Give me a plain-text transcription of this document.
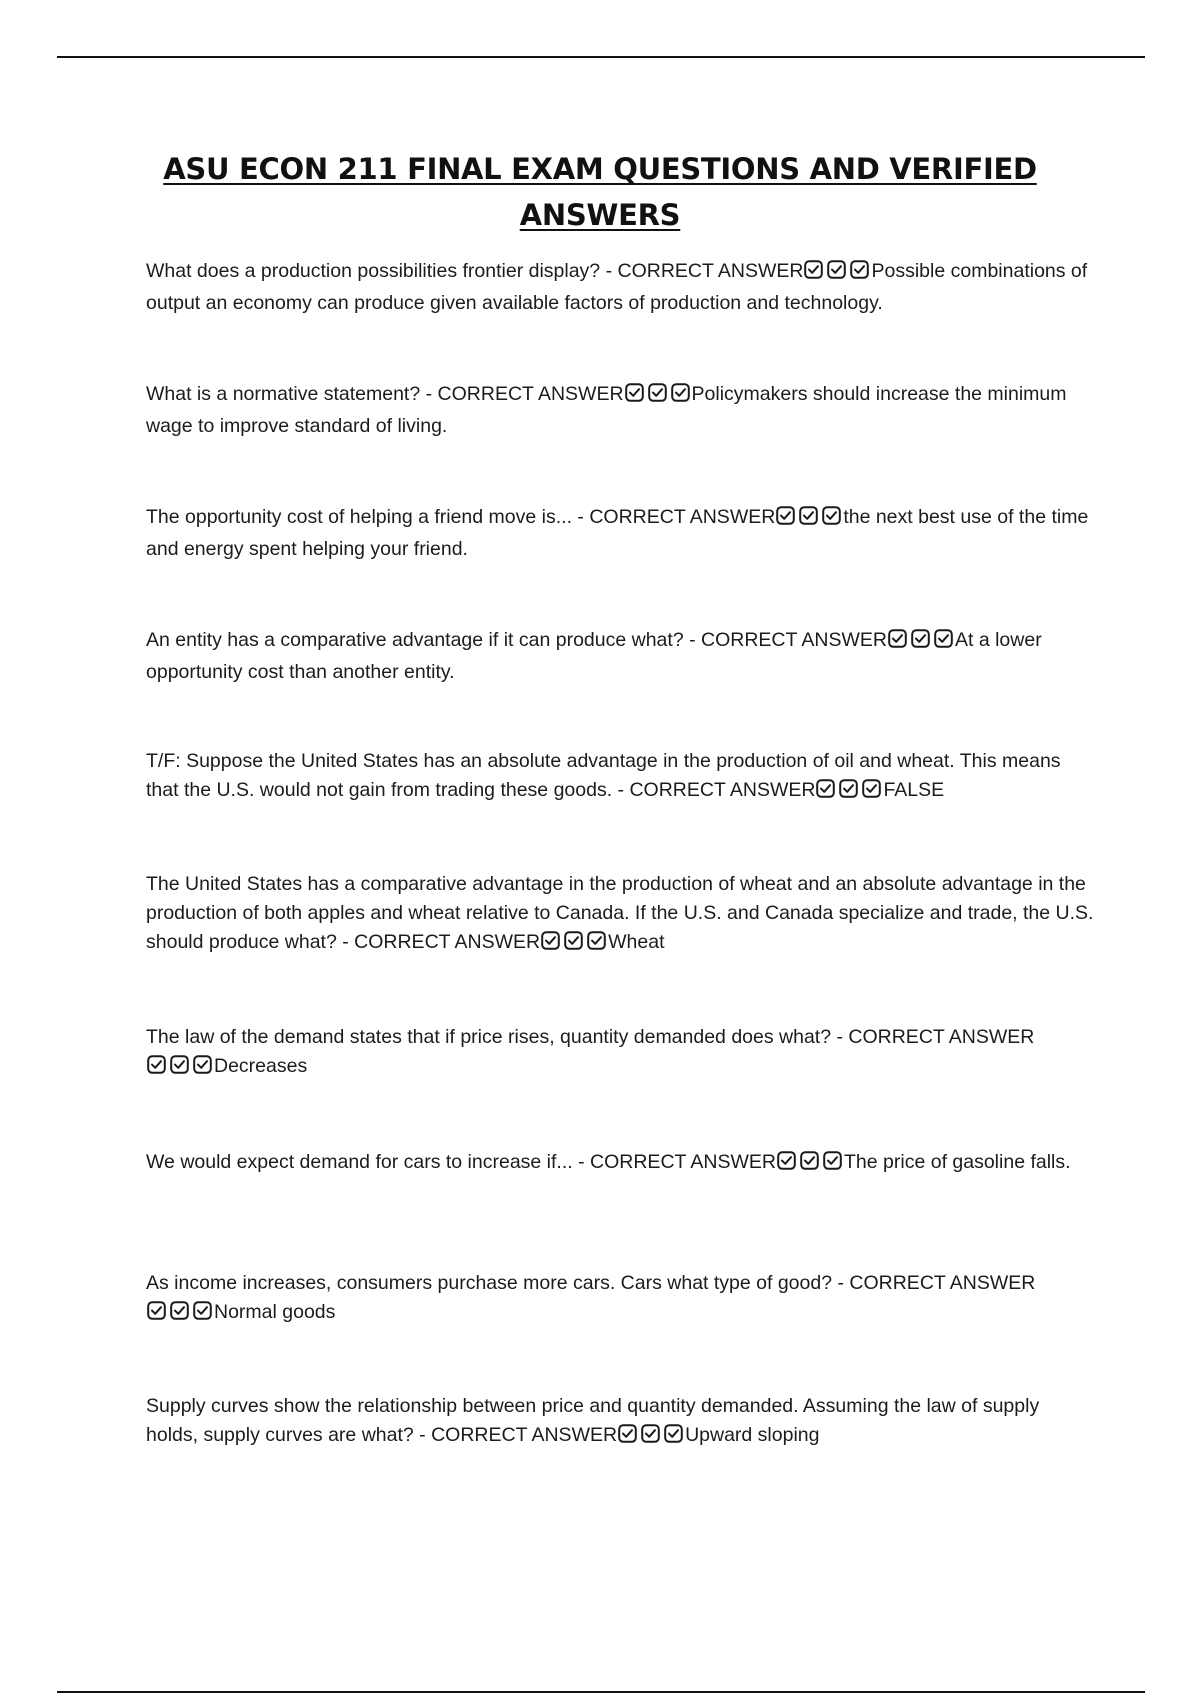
ASU ECON 211 FINAL EXAM QUESTIONS AND VERIFIED ANSWERS
What does a production possibilities frontier display? - CORRECT ANSWER	Possible combinations of output an economy can produce given available factors of production and technology.
What is a normative statement? - CORRECT ANSWER	Policymakers should increase the minimum wage to improve standard of living.
The opportunity cost of helping a friend move is... - CORRECT ANSWER	the next best use of the time and energy spent helping your friend.
An entity has a comparative advantage if it can produce what? - CORRECT ANSWER	At a lower opportunity cost than another entity.
T/F: Suppose the United States has an absolute advantage in the production of oil and wheat. This means that the U.S. would not gain from trading these goods. - CORRECT ANSWER	FALSE
The United States has a comparative advantage in the production of wheat and an absolute advantage in the production of both apples and wheat relative to Canada. If the U.S. and Canada specialize and trade, the U.S. should produce what? - CORRECT ANSWER	Wheat
The law of the demand states that if price rises, quantity demanded does what? - CORRECT ANSWER
Decreases
We would expect demand for cars to increase if... - CORRECT ANSWER	The price of gasoline falls.
As income increases, consumers purchase more cars. Cars what type of good? - CORRECT ANSWER
Normal goods
Supply curves show the relationship between price and quantity demanded. Assuming the law of supply holds, supply curves are what? - CORRECT ANSWER	Upward sloping
